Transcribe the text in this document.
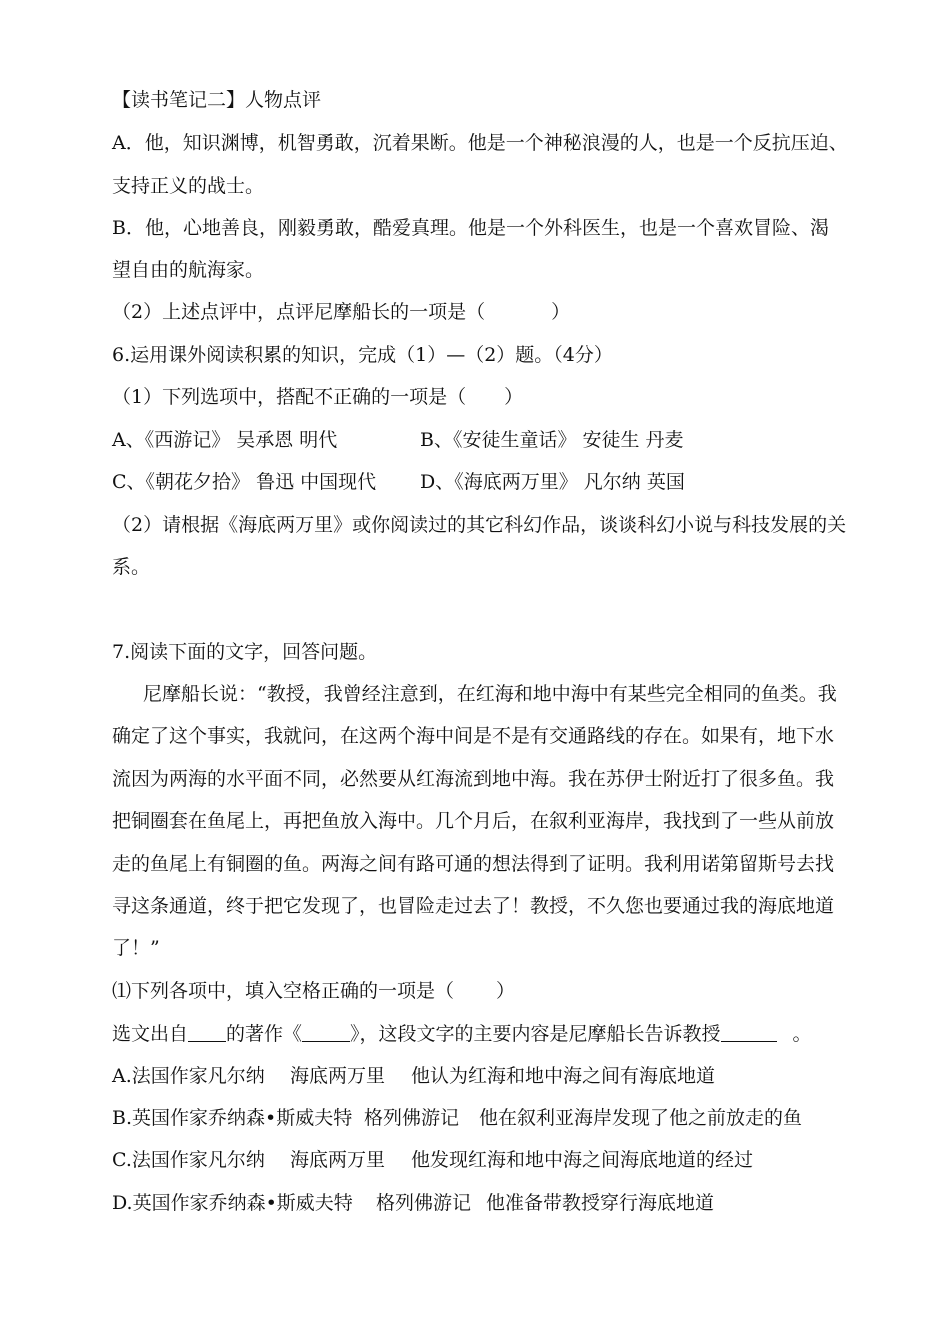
【读书笔记二】人物点评
A．他，知识渊博，机智勇敢，沉着果断。他是一个神秘浪漫的人，也是一个反抗压迫、
支持正义的战士。
B．他，心地善良，刚毅勇敢，酷爱真理。他是一个外科医生，也是一个喜欢冒险、渴
望自由的航海家。
（2）上述点评中，点评尼摩船长的一项是（	）
6.运用课外阅读积累的知识，完成（1）—（2）题。（4分）
（1）下列选项中，搭配不正确的一项是（ ）
A、《西游记》 吴承恩 明代	B、《安徒生童话》 安徒生 丹麦
C、《朝花夕拾》 鲁迅 中国现代 D、《海底两万里》 凡尔纳 英国
（2）请根据《海底两万里》或你阅读过的其它科幻作品，谈谈科幻小说与科技发展的关
系。
7.阅读下面的文字，回答问题。
尼摩船长说：“教授，我曾经注意到，在红海和地中海中有某些完全相同的鱼类。我
确定了这个事实，我就问，在这两个海中间是不是有交通路线的存在。如果有，地下水
流因为两海的水平面不同，必然要从红海流到地中海。我在苏伊士附近打了很多鱼。我
把铜圈套在鱼尾上，再把鱼放入海中。几个月后，在叙利亚海岸，我找到了一些从前放
走的鱼尾上有铜圈的鱼。两海之间有路可通的想法得到了证明。我利用诺第留斯号去找
寻这条通道，终于把它发现了，也冒险走过去了！教授，不久您也要通过我的海底地道
了！”
⑴下列各项中，填入空格正确的一项是（ ）
选文出自 的著作《	》，这段文字的主要内容是尼摩船长告诉教授	。
A.法国作家凡尔纳 海底两万里 他认为红海和地中海之间有海底地道
B.英国作家乔纳森•斯威夫特 格列佛游记 他在叙利亚海岸发现了他之前放走的鱼
C.法国作家凡尔纳 海底两万里 他发现红海和地中海之间海底地道的经过
D.英国作家乔纳森•斯威夫特 格列佛游记 他准备带教授穿行海底地道
